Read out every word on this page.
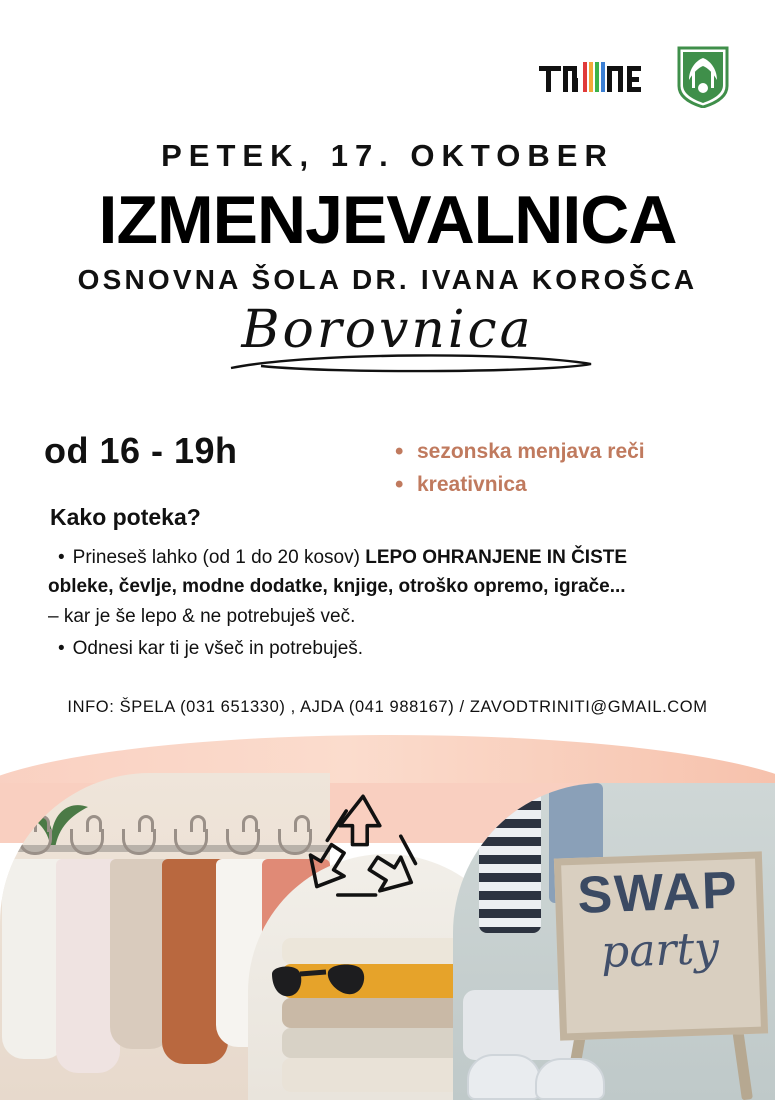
PETEK, 17. OKTOBER
IZMENJEVALNICA
OSNOVNA ŠOLA DR. IVANA KOROŠCA
Borovnica
od 16 - 19h	• sezonska menjava reči
• kreativnica
Kako poteka?
• Prineseš lahko (od 1 do 20 kosov) LEPO OHRANJENE IN ČISTE
obleke, čevlje, modne dodatke, knjige, otroško opremo, igrače...
– kar je še lepo & ne potrebuješ več.
• Odnesi kar ti je všeč in potrebuješ.
INFO: ŠPELA (031 651330) , AJDA (041 988167) / ZAVODTRINITI@GMAIL.COM
SWAP
party
